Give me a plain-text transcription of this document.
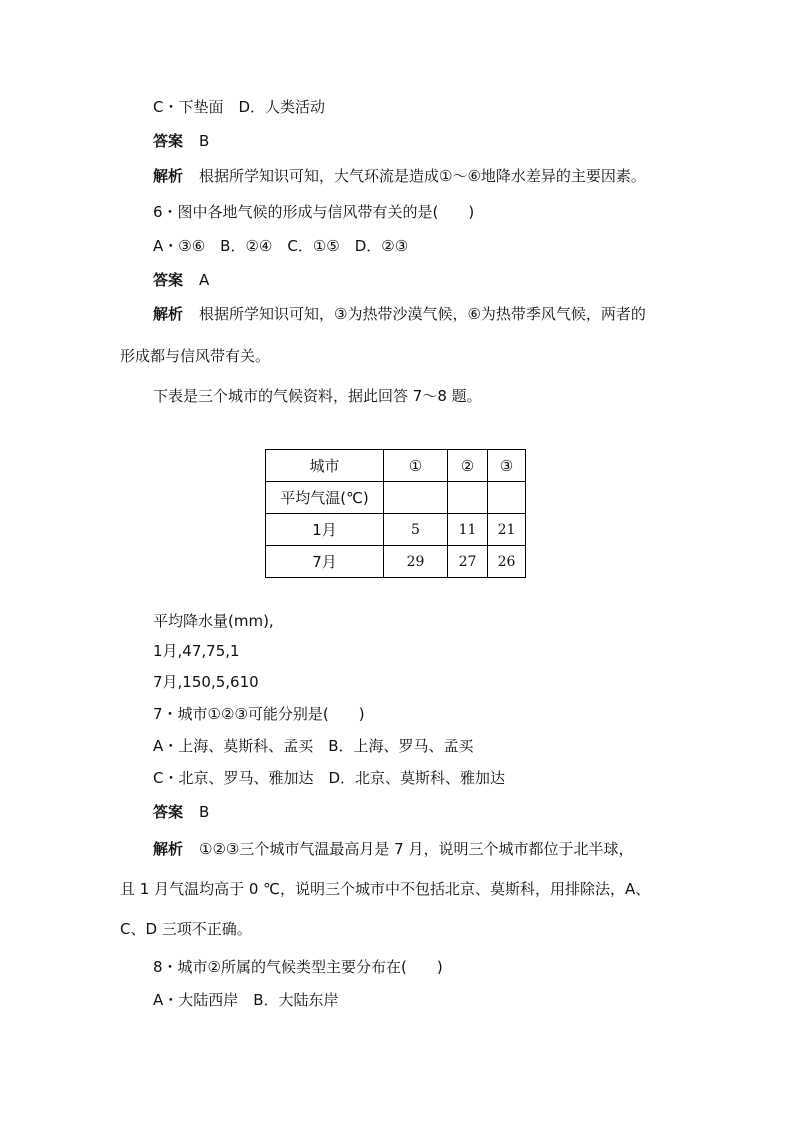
C・下垫面　D．人类活动
答案 B
解析 根据所学知识可知，大气环流是造成①～⑥地降水差异的主要因素。
6・图中各地气候的形成与信风带有关的是(　　)
A・③⑥　B．②④　C．①⑤　D．②③
答案 A
解析 根据所学知识可知，③为热带沙漠气候，⑥为热带季风气候，两者的
形成都与信风带有关。
下表是三个城市的气候资料，据此回答 7～8 题。
城市	①	②	③
平均气温(℃)			
1月	5	11	21
7月	29	27	26
平均降水量(mm),
1月,47,75,1
7月,150,5,610
7・城市①②③可能分别是(　　)
A・上海、莫斯科、孟买　B．上海、罗马、孟买
C・北京、罗马、雅加达　D．北京、莫斯科、雅加达
答案 B
解析 ①②③三个城市气温最高月是 7 月，说明三个城市都位于北半球，
且 1 月气温均高于 0 ℃，说明三个城市中不包括北京、莫斯科，用排除法，A、
C、D 三项不正确。
8・城市②所属的气候类型主要分布在(　　)
A・大陆西岸　B．大陆东岸
